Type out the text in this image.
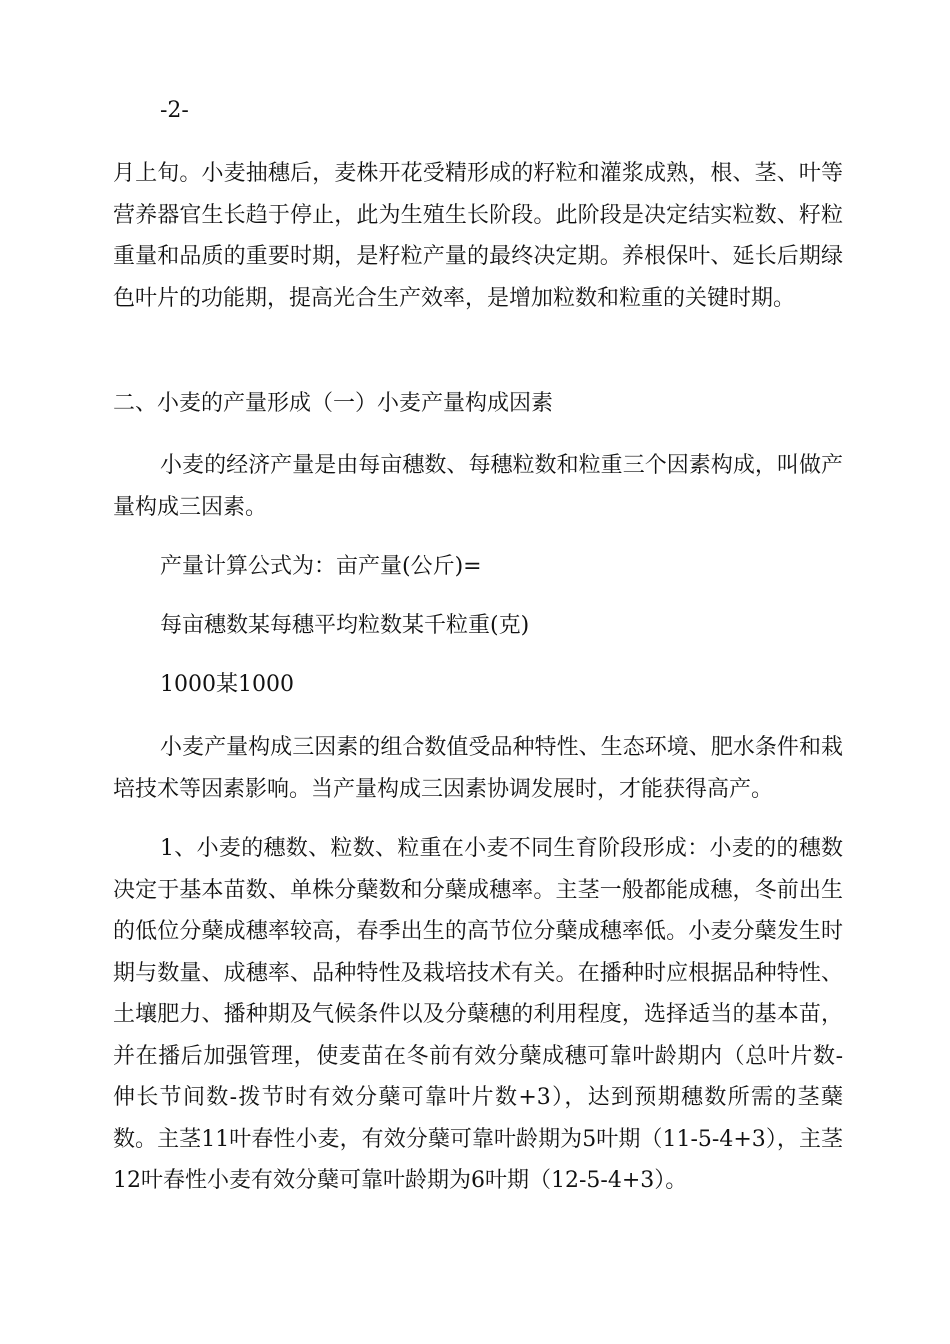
-2-
月上旬。小麦抽穗后，麦株开花受精形成的籽粒和灌浆成熟，根、茎、叶等营养器官生长趋于停止，此为生殖生长阶段。此阶段是决定结实粒数、籽粒重量和品质的重要时期，是籽粒产量的最终决定期。养根保叶、延长后期绿色叶片的功能期，提高光合生产效率，是增加粒数和粒重的关键时期。
二、小麦的产量形成（一）小麦产量构成因素
小麦的经济产量是由每亩穗数、每穗粒数和粒重三个因素构成，叫做产量构成三因素。
产量计算公式为：亩产量(公斤)=
每亩穗数某每穗平均粒数某千粒重(克)
1000某1000
小麦产量构成三因素的组合数值受品种特性、生态环境、肥水条件和栽培技术等因素影响。当产量构成三因素协调发展时，才能获得高产。
1、小麦的穗数、粒数、粒重在小麦不同生育阶段形成：小麦的的穗数决定于基本苗数、单株分蘖数和分蘖成穗率。主茎一般都能成穗，冬前出生的低位分蘖成穗率较高，春季出生的高节位分蘖成穗率低。小麦分蘖发生时期与数量、成穗率、品种特性及栽培技术有关。在播种时应根据品种特性、土壤肥力、播种期及气候条件以及分蘖穗的利用程度，选择适当的基本苗，并在播后加强管理，使麦苗在冬前有效分蘖成穗可靠叶龄期内（总叶片数-伸长节间数-拨节时有效分蘖可靠叶片数+3），达到预期穗数所需的茎蘖数。主茎11叶春性小麦，有效分蘖可靠叶龄期为5叶期（11-5-4+3），主茎12叶春性小麦有效分蘖可靠叶龄期为6叶期（12-5-4+3）。
